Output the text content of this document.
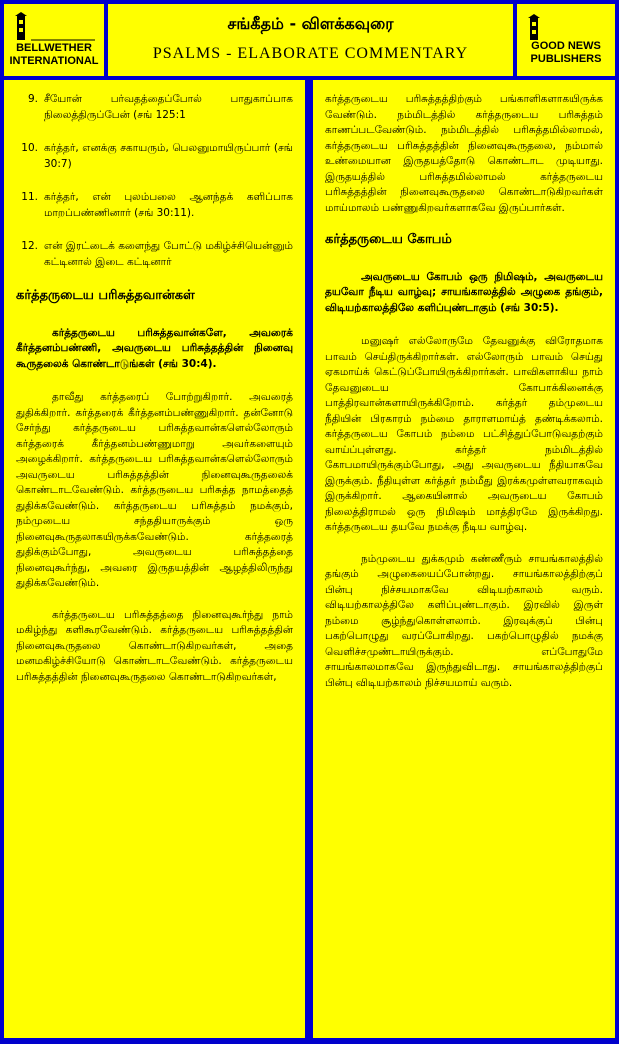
BELLWETHER
INTERNATIONAL
சங்கீதம் - விளக்கவுரை
PSALMS - ELABORATE COMMENTARY	GOOD NEWS
PUBLISHERS
9. சீயோன் பர்வதத்தைப்போல் பாதுகாப்பாக நிலைத்திருப்பேன் (சங் 125:1
10. கர்த்தர், எனக்கு சகாயரும், பெலனுமாயிருப்பார் (சங் 30:7)
11. கர்த்தர், என் புலம்பலை ஆனந்தக் களிப்பாக மாறப்பண்ணினார் (சங் 30:11).
12. என் இரட்டைக் களைந்து போட்டு மகிழ்ச்சியென்னும் கட்டினால் இடை கட்டினார்
கர்த்தருடைய பரிசுத்தவான்கள்
கர்த்தருடைய பரிசுத்தவான்களே, அவரைக் கீர்த்தனம்பண்ணி, அவருடைய பரிசுத்தத்தின் நினைவு கூருதலைக் கொண்டாடுங்கள் (சங் 30:4).
தாவீது கர்த்தரைப் போற்றுகிறார். அவரைத் துதிக்கிறார். கர்த்தரைக் கீர்த்தனம்பண்ணுகிறார். தன்னோடு சேர்ந்து கர்த்தருடைய பரிசுத்தவான்களெல்லோரும் கர்த்தரைக் கீர்த்தனம்பண்ணுமாறு அவர்களையும் அழைக்கிறார். கர்த்தருடைய பரிசுத்தவான்களெல்லோரும் அவருடைய பரிசுத்தத்தின் நினைவுகூருதலைக் கொண்டாடவேண்டும். கர்த்தருடைய பரிசுத்த நாமத்தைத் துதிக்கவேண்டும். கர்த்தருடைய பரிசுத்தம் நமக்கும், நம்முடைய சந்ததியாருக்கும் ஒரு நினைவுகூருதலாகயிருக்கவேண்டும். கர்த்தரைத் துதிக்கும்போது, அவருடைய பரிசுத்தத்தை நினைவுகூர்ந்து, அவரை இருதயத்தின் ஆழத்திலிருந்து துதிக்கவேண்டும்.
கர்த்தருடைய பரிசுத்தத்தை நினைவுகூர்ந்து நாம் மகிழ்ந்து களிகூரவேண்டும். கர்த்தருடைய பரிசுத்தத்தின் நினைவுகூருதலை கொண்டாடுகிறவர்கள், அதை மனமகிழ்ச்சியோடு கொண்டாடவேண்டும். கர்த்தருடைய பரிசுத்தத்தின் நினைவுகூருதலை கொண்டாடுகிறவர்கள்,
கர்த்தருடைய பரிசுத்தத்திற்கும் பங்காளிகளாகயிருக்க வேண்டும். நம்மிடத்தில் கர்த்தருடைய பரிசுத்தம் காணப்படவேண்டும். நம்மிடத்தில் பரிசுத்தமில்லாமல், கர்த்தருடைய பரிசுத்தத்தின் நினைவுகூருதலை, நம்மால் உண்மையான இருதயத்தோடு கொண்டாட முடியாது. இருதயத்தில் பரிசுத்தமில்லாமல் கர்த்தருடைய பரிசுத்தத்தின் நினைவுகூருதலை கொண்டாடுகிறவர்கள் மாய்மாலம் பண்ணுகிறவர்களாகவே இருப்பார்கள்.
கர்த்தருடைய கோபம்
அவருடைய கோபம் ஒரு நிமிஷம், அவருடைய தயவோ நீடிய வாழ்வு; சாயங்காலத்தில் அழுகை தங்கும், விடியற்காலத்திலே களிப்புண்டாகும் (சங் 30:5).
மனுஷர் எல்லோருமே தேவனுக்கு விரோதமாக பாவம் செய்திருக்கிறார்கள். எல்லோரும் பாவம் செய்து ஏகமாய்க் கெட்டுப்போயிருக்கிறார்கள். பாவிகளாகிய நாம் தேவனுடைய கோபாக்கினைக்கு பாத்திரவான்களாயிருக்கிறோம். கர்த்தர் தம்முடைய நீதியின் பிரகாரம் நம்மை தாராளமாய்த் தண்டிக்கலாம். கர்த்தருடைய கோபம் நம்மை பட்சித்துப்போடுவதற்கும் வாய்ப்புள்ளது. கர்த்தர் நம்மிடத்தில் கோபமாயிருக்கும்போது, அது அவருடைய நீதியாகவே இருக்கும். நீதியுள்ள கர்த்தர் நம்மீது இரக்கமுள்ளவராகவும் இருக்கிறார். ஆகையினால் அவருடைய கோபம் நிலைத்திராமல் ஒரு நிமிஷம் மாத்திரமே இருக்கிறது. கர்த்தருடைய தயவே நமக்கு நீடிய வாழ்வு.
நம்முடைய துக்கமும் கண்ணீரும் சாயங்காலத்தில் தங்கும் அழுகையைப்போன்றது. சாயங்காலத்திற்குப் பின்பு நிச்சயமாகவே விடியற்காலம் வரும். விடியற்காலத்திலே களிப்புண்டாகும். இரவில் இருள் நம்மை சூழ்ந்துகொள்ளலாம். இரவுக்குப் பின்பு பகற்பொழுது வரப்போகிறது. பகற்பொழுதில் நமக்கு வெளிச்சமுண்டாயிருக்கும். எப்போதுமே சாயங்காலமாகவே இருந்துவிடாது. சாயங்காலத்திற்குப் பின்பு விடியற்காலம் நிச்சயமாய் வரும்.
